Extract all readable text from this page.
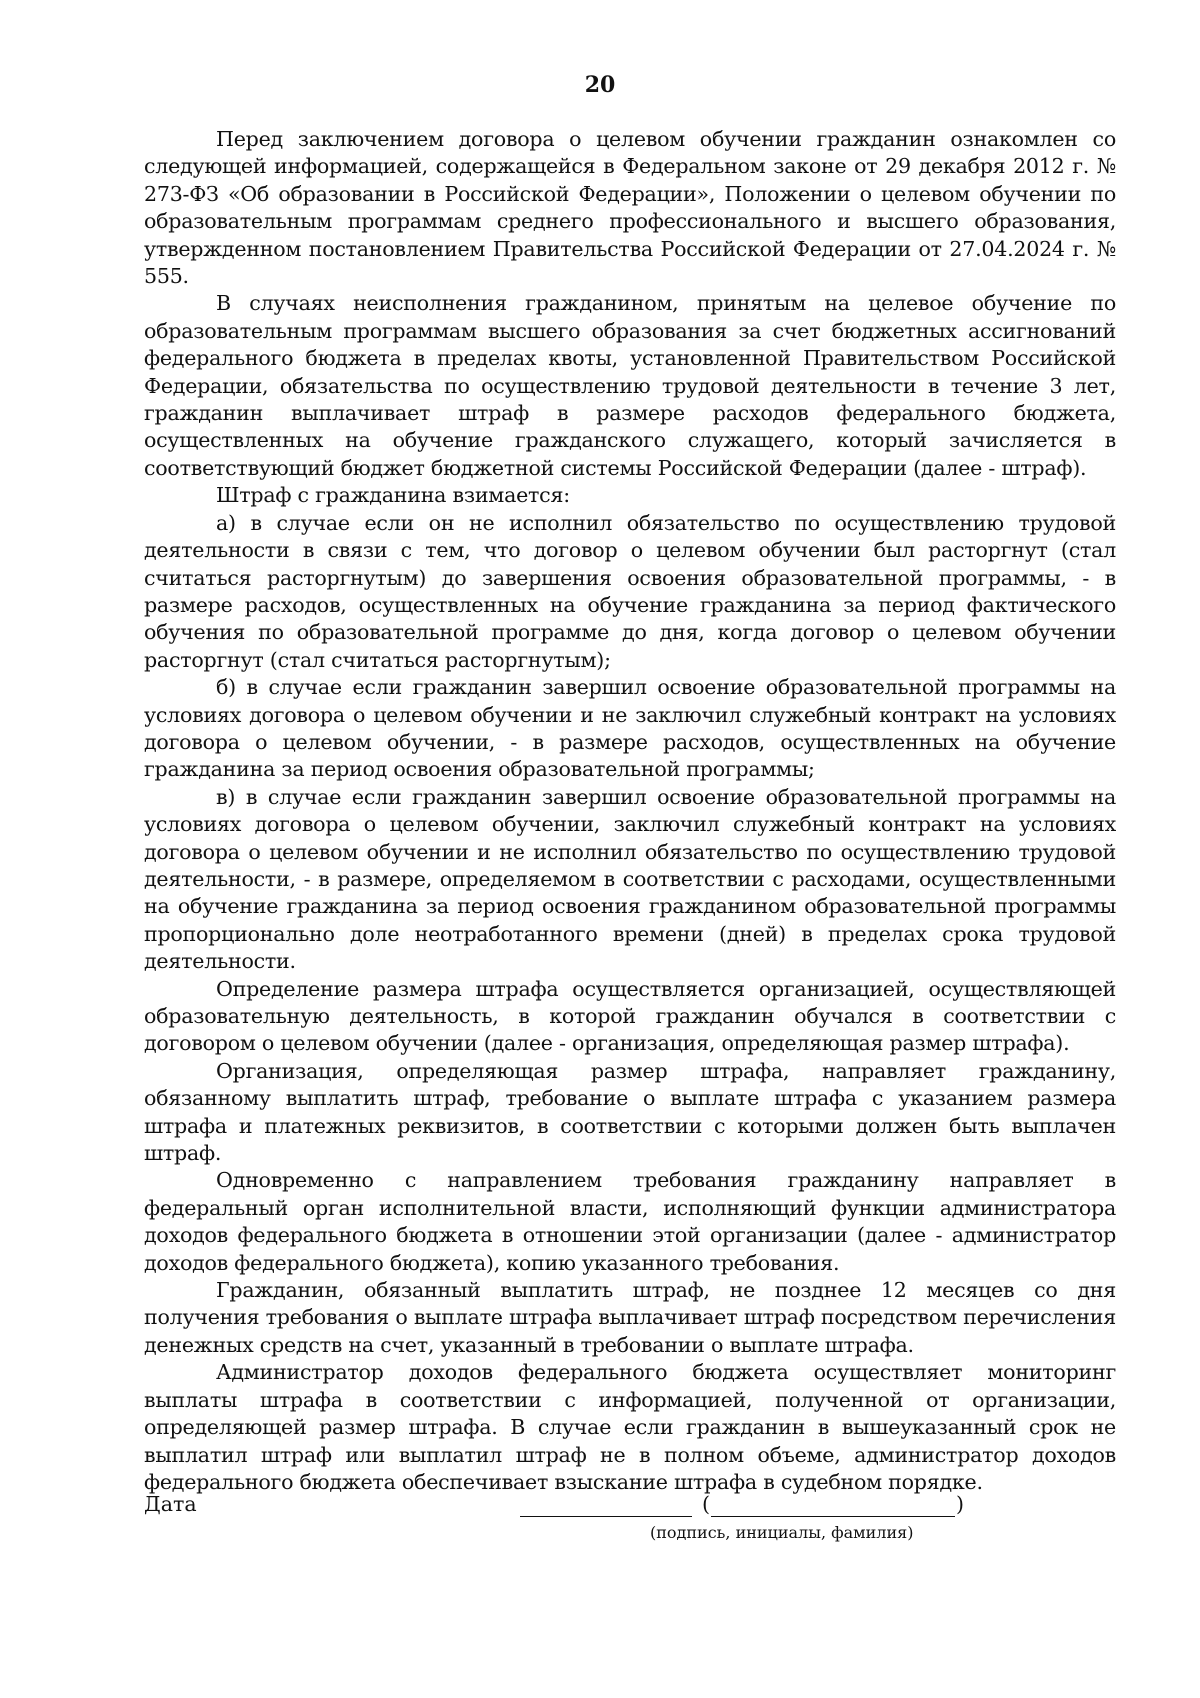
20

Перед заключением договора о целевом обучении гражданин ознакомлен со следующей информацией, содержащейся в Федеральном законе от 29 декабря 2012 г. № 273-ФЗ «Об образовании в Российской Федерации», Положении о целевом обучении по образовательным программам среднего профессионального и высшего образования, утвержденном постановлением Правительства Российской Федерации от 27.04.2024 г. № 555.

В случаях неисполнения гражданином, принятым на целевое обучение по образовательным программам высшего образования за счет бюджетных ассигнований федерального бюджета в пределах квоты, установленной Правительством Российской Федерации, обязательства по осуществлению трудовой деятельности в течение 3 лет, гражданин выплачивает штраф в размере расходов федерального бюджета, осуществленных на обучение гражданского служащего, который зачисляется в соответствующий бюджет бюджетной системы Российской Федерации (далее - штраф).

Штраф с гражданина взимается:

а) в случае если он не исполнил обязательство по осуществлению трудовой деятельности в связи с тем, что договор о целевом обучении был расторгнут (стал считаться расторгнутым) до завершения освоения образовательной программы, - в размере расходов, осуществленных на обучение гражданина за период фактического обучения по образовательной программе до дня, когда договор о целевом обучении расторгнут (стал считаться расторгнутым);

б) в случае если гражданин завершил освоение образовательной программы на условиях договора о целевом обучении и не заключил служебный контракт на условиях договора о целевом обучении, - в размере расходов, осуществленных на обучение гражданина за период освоения образовательной программы;

в) в случае если гражданин завершил освоение образовательной программы на условиях договора о целевом обучении, заключил служебный контракт на условиях договора о целевом обучении и не исполнил обязательство по осуществлению трудовой деятельности, - в размере, определяемом в соответствии с расходами, осуществленными на обучение гражданина за период освоения гражданином образовательной программы пропорционально доле неотработанного времени (дней) в пределах срока трудовой деятельности.

Определение размера штрафа осуществляется организацией, осуществляющей образовательную деятельность, в которой гражданин обучался в соответствии с договором о целевом обучении (далее - организация, определяющая размер штрафа).

Организация, определяющая размер штрафа, направляет гражданину, обязанному выплатить штраф, требование о выплате штрафа с указанием размера штрафа и платежных реквизитов, в соответствии с которыми должен быть выплачен штраф.

Одновременно с направлением требования гражданину направляет в федеральный орган исполнительной власти, исполняющий функции администратора доходов федерального бюджета в отношении этой организации (далее - администратор доходов федерального бюджета), копию указанного требования.

Гражданин, обязанный выплатить штраф, не позднее 12 месяцев со дня получения требования о выплате штрафа выплачивает штраф посредством перечисления денежных средств на счет, указанный в требовании о выплате штрафа.

Администратор доходов федерального бюджета осуществляет мониторинг выплаты штрафа в соответствии с информацией, полученной от организации, определяющей размер штрафа. В случае если гражданин в вышеуказанный срок не выплатил штраф или выплатил штраф не в полном объеме, администратор доходов федерального бюджета обеспечивает взыскание штрафа в судебном порядке.

Дата	(	)
(подпись, инициалы, фамилия)
